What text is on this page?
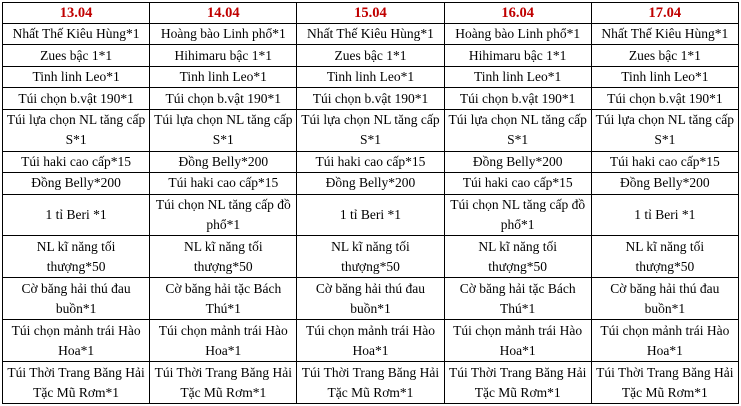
13.04	14.04	15.04	16.04	17.04
Nhất Thế Kiêu Hùng*1	Hoàng bào Linh phổ*1	Nhất Thế Kiêu Hùng*1	Hoàng bào Linh phổ*1	Nhất Thế Kiêu Hùng*1
Zues bậc 1*1	Hihimaru bậc 1*1	Zues bậc 1*1	Hihimaru bậc 1*1	Zues bậc 1*1
Tinh linh Leo*1	Tinh linh Leo*1	Tinh linh Leo*1	Tinh linh Leo*1	Tinh linh Leo*1
Túi chọn b.vật 190*1	Túi chọn b.vật 190*1	Túi chọn b.vật 190*1	Túi chọn b.vật 190*1	Túi chọn b.vật 190*1
Túi lựa chọn NL tăng cấp S*1	Túi lựa chọn NL tăng cấp S*1	Túi lựa chọn NL tăng cấp S*1	Túi lựa chọn NL tăng cấp S*1	Túi lựa chọn NL tăng cấp S*1
Túi haki cao cấp*15	Đồng Belly*200	Túi haki cao cấp*15	Đồng Belly*200	Túi haki cao cấp*15
Đồng Belly*200	Túi haki cao cấp*15	Đồng Belly*200	Túi haki cao cấp*15	Đồng Belly*200
1 tỉ Beri *1	Túi chọn NL tăng cấp đồ phổ*1	1 tỉ Beri *1	Túi chọn NL tăng cấp đồ phổ*1	1 tỉ Beri *1
NL kĩ năng tối thượng*50	NL kĩ năng tối thượng*50	NL kĩ năng tối thượng*50	NL kĩ năng tối thượng*50	NL kĩ năng tối thượng*50
Cờ băng hải thú đau buồn*1	Cờ băng hải tặc Bách Thú*1	Cờ băng hải thú đau buồn*1	Cờ băng hải tặc Bách Thú*1	Cờ băng hải thú đau buồn*1
Túi chọn mảnh trái Hào Hoa*1	Túi chọn mảnh trái Hào Hoa*1	Túi chọn mảnh trái Hào Hoa*1	Túi chọn mảnh trái Hào Hoa*1	Túi chọn mảnh trái Hào Hoa*1
Túi Thời Trang Băng Hải Tặc Mũ Rơm*1	Túi Thời Trang Băng Hải Tặc Mũ Rơm*1	Túi Thời Trang Băng Hải Tặc Mũ Rơm*1	Túi Thời Trang Băng Hải Tặc Mũ Rơm*1	Túi Thời Trang Băng Hải Tặc Mũ Rơm*1
